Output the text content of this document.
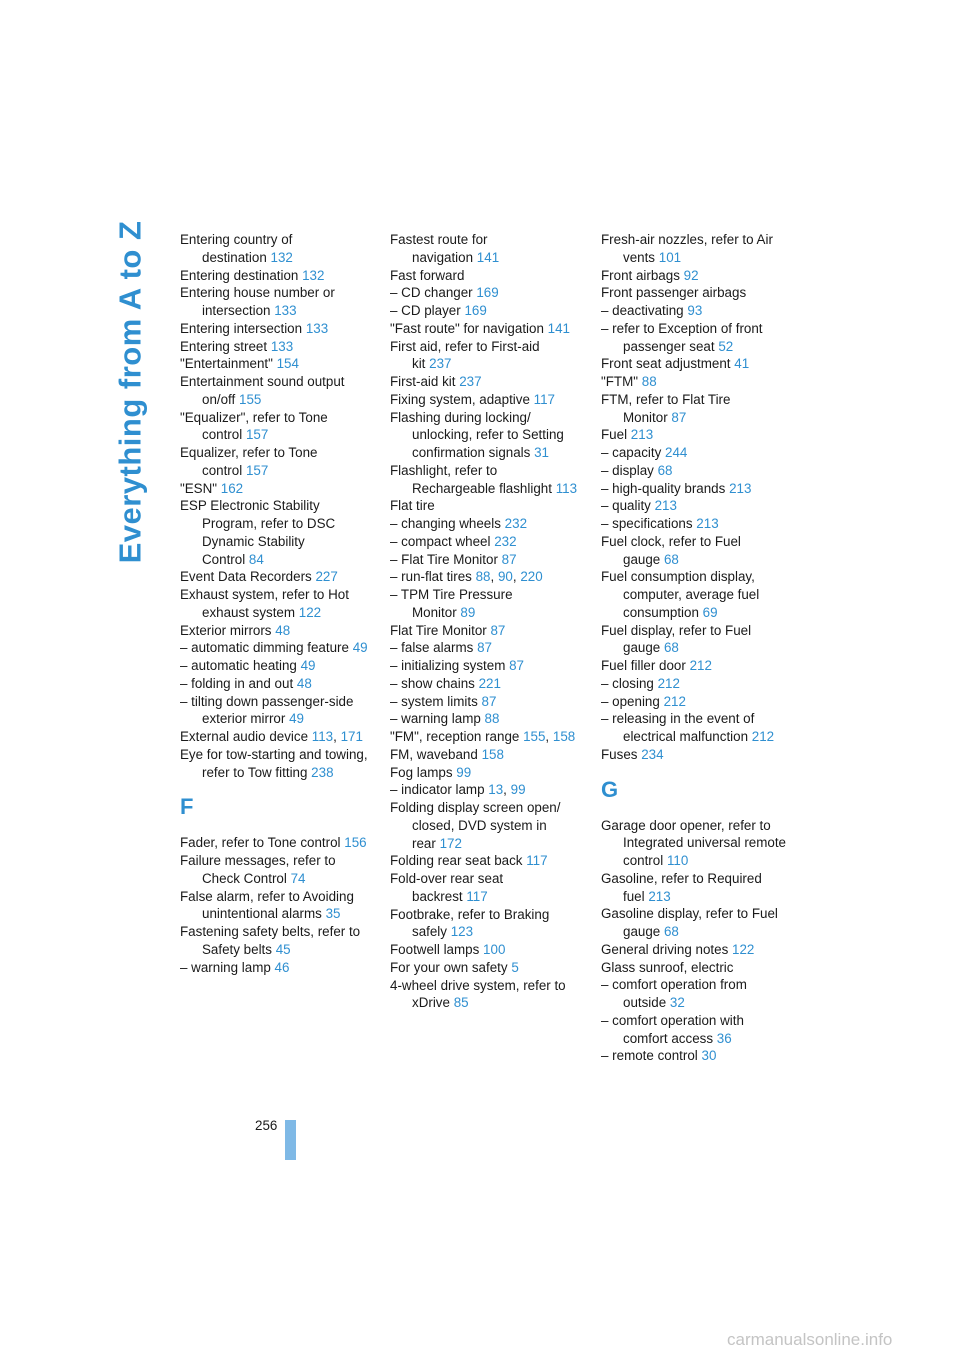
Everything from A to Z Entering country of destination 132
Entering destination 132
Entering house number or intersection 133
Entering intersection 133
Entering street 133
"Entertainment" 154
Entertainment sound output on/off 155
"Equalizer", refer to Tone control 157
Equalizer, refer to Tone control 157
"ESN" 162
ESP Electronic Stability Program, refer to DSC Dynamic Stability Control 84
Event Data Recorders 227
Exhaust system, refer to Hot exhaust system 122
Exterior mirrors 48
– automatic dimming feature 49
– automatic heating 49
– folding in and out 48
– tilting down passenger-side exterior mirror 49
External audio device 113, 171
Eye for tow-starting and towing, refer to Tow fitting 238
F
Fader, refer to Tone control 156
Failure messages, refer to Check Control 74
False alarm, refer to Avoiding unintentional alarms 35
Fastening safety belts, refer to Safety belts 45
– warning lamp 46
Fastest route for navigation 141
Fast forward
– CD changer 169
– CD player 169
"Fast route" for navigation 141
First aid, refer to First-aid kit 237
First-aid kit 237
Fixing system, adaptive 117
Flashing during locking/ unlocking, refer to Setting confirmation signals 31
Flashlight, refer to Rechargeable flashlight 113
Flat tire
– changing wheels 232
– compact wheel 232
– Flat Tire Monitor 87
– run-flat tires 88, 90, 220
– TPM Tire Pressure Monitor 89
Flat Tire Monitor 87
– false alarms 87
– initializing system 87
– show chains 221
– system limits 87
– warning lamp 88
"FM", reception range 155, 158
FM, waveband 158
Fog lamps 99
– indicator lamp 13, 99
Folding display screen open/ closed, DVD system in rear 172
Folding rear seat back 117
Fold-over rear seat backrest 117
Footbrake, refer to Braking safely 123
Footwell lamps 100
For your own safety 5
4-wheel drive system, refer to xDrive 85
Fresh-air nozzles, refer to Air vents 101
Front airbags 92
Front passenger airbags
– deactivating 93
– refer to Exception of front passenger seat 52
Front seat adjustment 41
"FTM" 88
FTM, refer to Flat Tire Monitor 87
Fuel 213
– capacity 244
– display 68
– high-quality brands 213
– quality 213
– specifications 213
Fuel clock, refer to Fuel gauge 68
Fuel consumption display, computer, average fuel consumption 69
Fuel display, refer to Fuel gauge 68
Fuel filler door 212
– closing 212
– opening 212
– releasing in the event of electrical malfunction 212
Fuses 234
G
Garage door opener, refer to Integrated universal remote control 110
Gasoline, refer to Required fuel 213
Gasoline display, refer to Fuel gauge 68
General driving notes 122
Glass sunroof, electric
– comfort operation from outside 32
– comfort operation with comfort access 36
– remote control 30
256
carmanualsonline.info
